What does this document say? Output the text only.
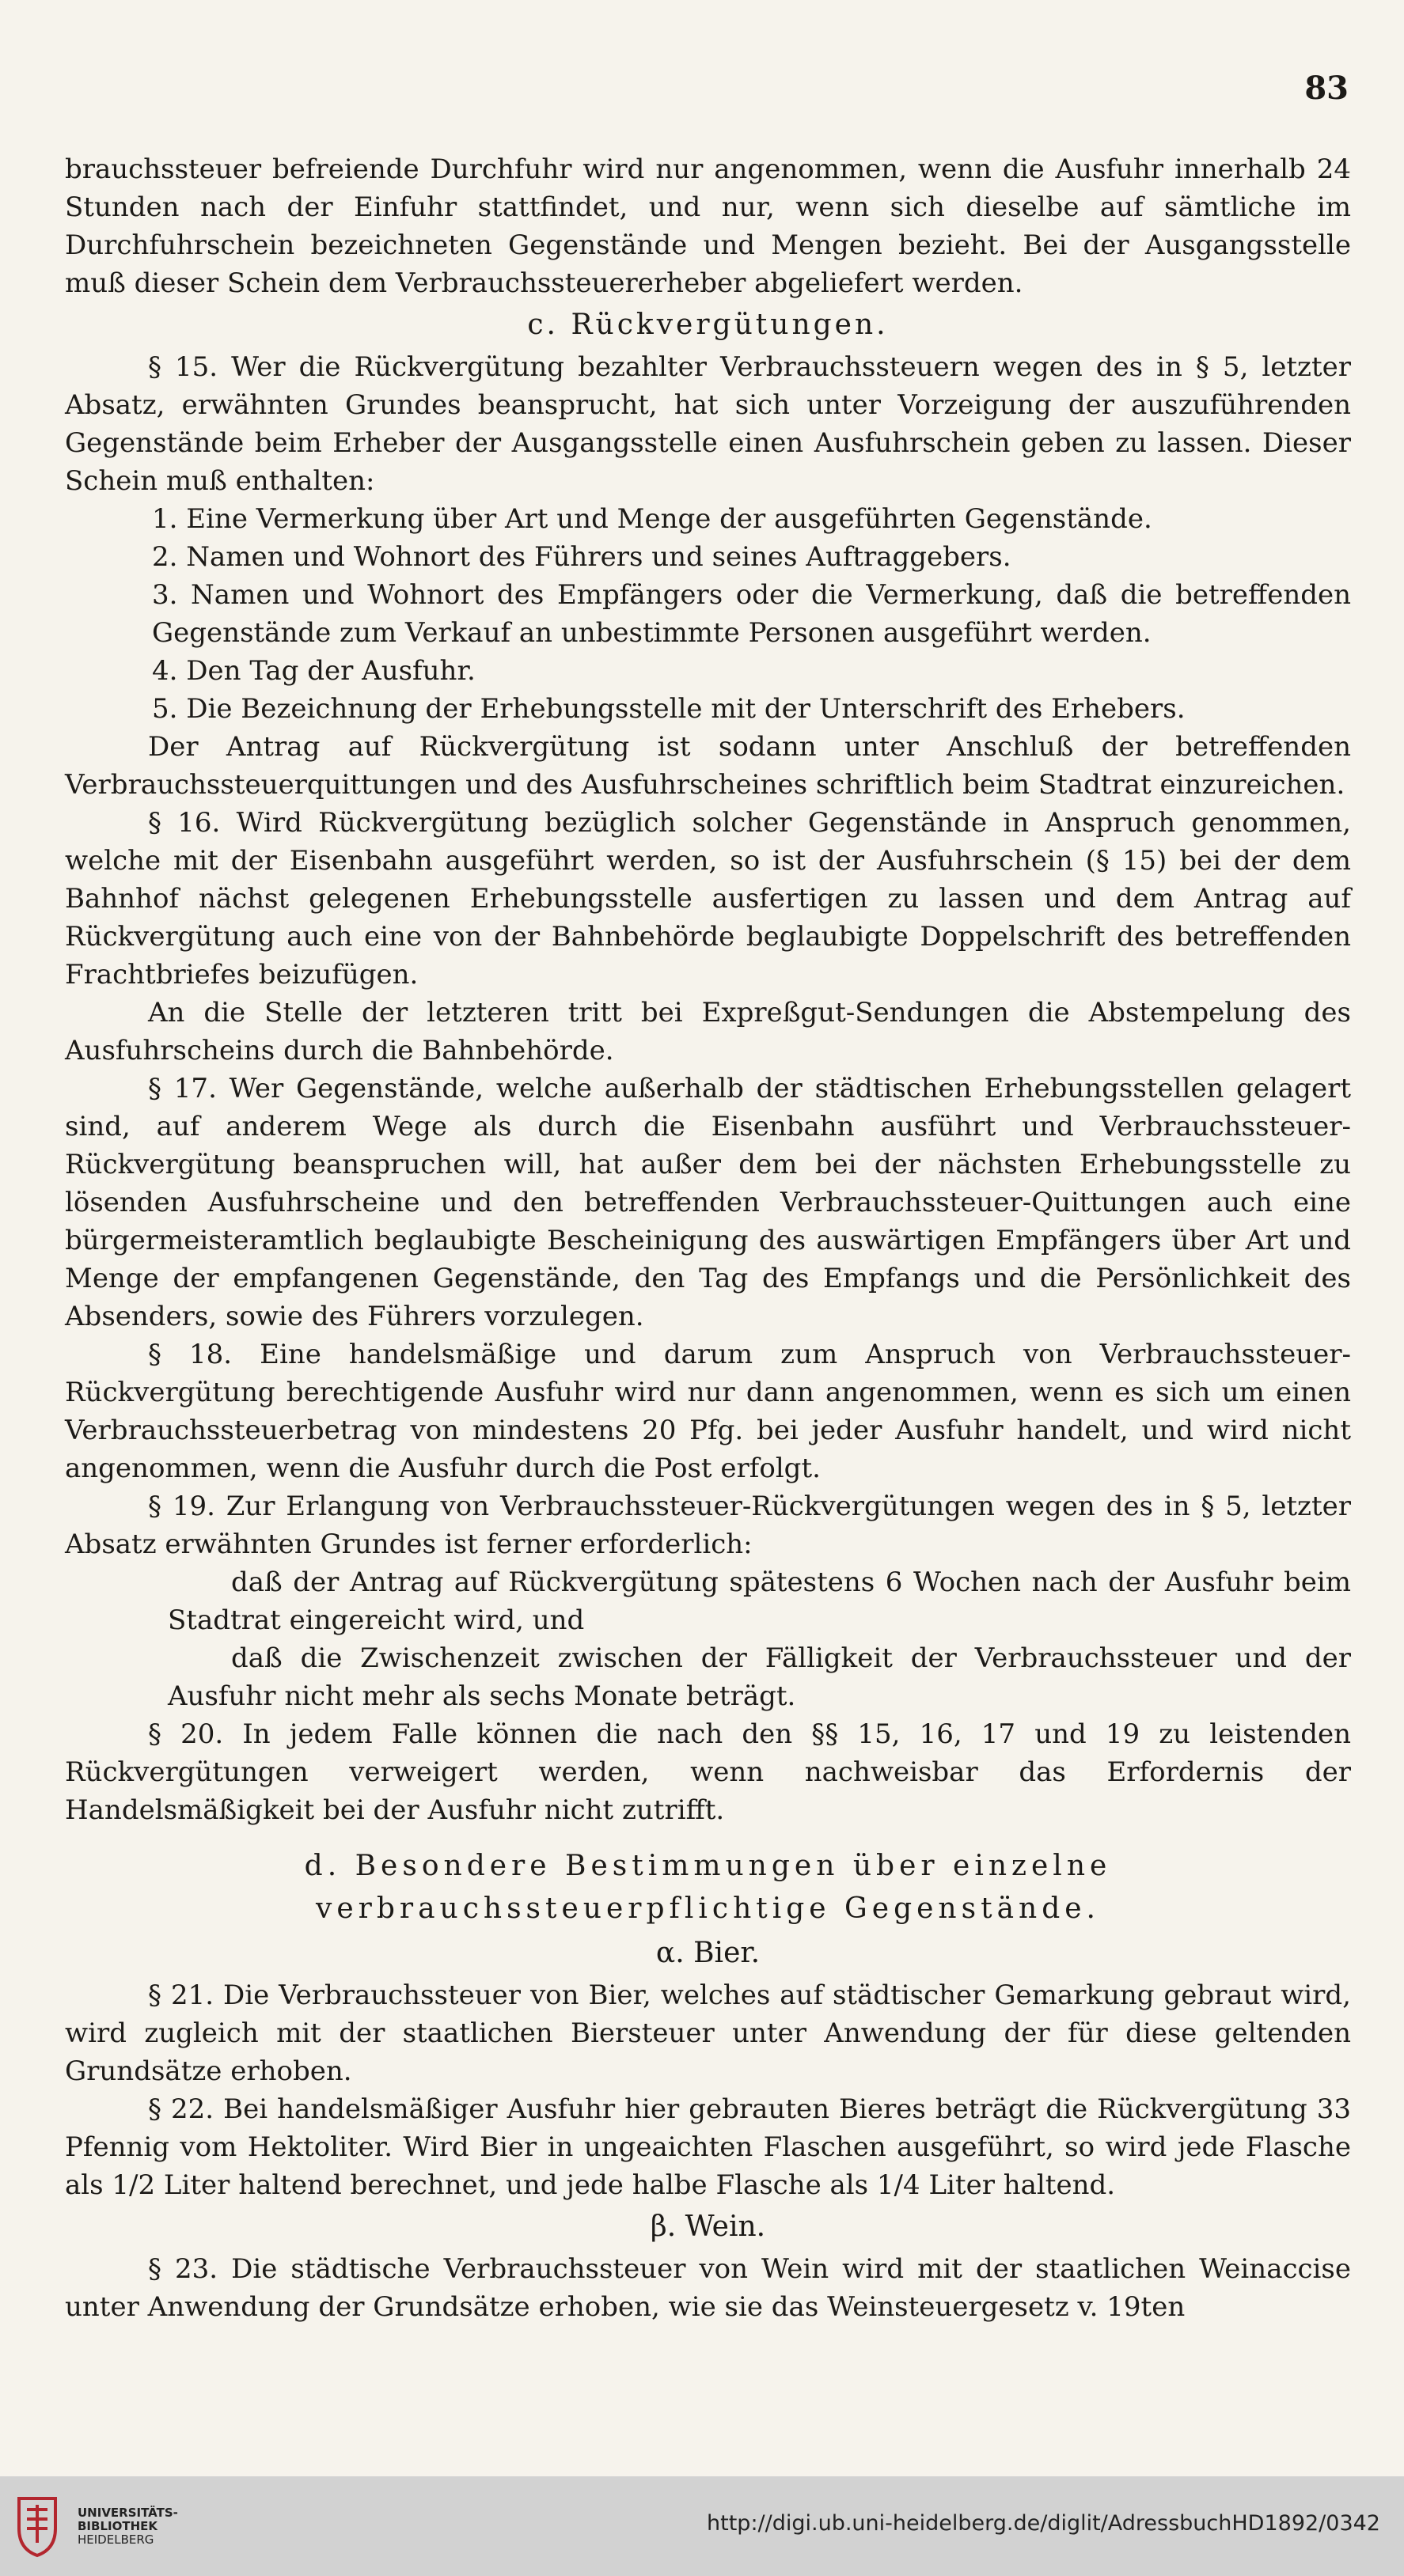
83

brauchssteuer befreiende Durchfuhr wird nur angenommen, wenn die Ausfuhr innerhalb 24 Stunden nach der Einfuhr stattfindet, und nur, wenn sich dieselbe auf sämtliche im Durchfuhrschein bezeichneten Gegenstände und Mengen bezieht. Bei der Ausgangsstelle muß dieser Schein dem Verbrauchssteuererheber abgeliefert werden.

c. Rückvergütungen.

§ 15. Wer die Rückvergütung bezahlter Verbrauchssteuern wegen des in § 5, letzter Absatz, erwähnten Grundes beansprucht, hat sich unter Vorzeigung der auszuführenden Gegenstände beim Erheber der Ausgangsstelle einen Ausfuhrschein geben zu lassen. Dieser Schein muß enthalten:

1. Eine Vermerkung über Art und Menge der ausgeführten Gegenstände.

2. Namen und Wohnort des Führers und seines Auftraggebers.

3. Namen und Wohnort des Empfängers oder die Vermerkung, daß die betreffenden Gegenstände zum Verkauf an unbestimmte Personen ausgeführt werden.

4. Den Tag der Ausfuhr.

5. Die Bezeichnung der Erhebungsstelle mit der Unterschrift des Erhebers.

Der Antrag auf Rückvergütung ist sodann unter Anschluß der betreffenden Verbrauchssteuerquittungen und des Ausfuhrscheines schriftlich beim Stadtrat einzureichen.

§ 16. Wird Rückvergütung bezüglich solcher Gegenstände in Anspruch genommen, welche mit der Eisenbahn ausgeführt werden, so ist der Ausfuhrschein (§ 15) bei der dem Bahnhof nächst gelegenen Erhebungsstelle ausfertigen zu lassen und dem Antrag auf Rückvergütung auch eine von der Bahnbehörde beglaubigte Doppelschrift des betreffenden Frachtbriefes beizufügen.

An die Stelle der letzteren tritt bei Expreßgut-Sendungen die Abstempelung des Ausfuhrscheins durch die Bahnbehörde.

§ 17. Wer Gegenstände, welche außerhalb der städtischen Erhebungsstellen gelagert sind, auf anderem Wege als durch die Eisenbahn ausführt und Verbrauchssteuer-Rückvergütung beanspruchen will, hat außer dem bei der nächsten Erhebungsstelle zu lösenden Ausfuhrscheine und den betreffenden Verbrauchssteuer-Quittungen auch eine bürgermeisteramtlich beglaubigte Bescheinigung des auswärtigen Empfängers über Art und Menge der empfangenen Gegenstände, den Tag des Empfangs und die Persönlichkeit des Absenders, sowie des Führers vorzulegen.

§ 18. Eine handelsmäßige und darum zum Anspruch von Verbrauchssteuer-Rückvergütung berechtigende Ausfuhr wird nur dann angenommen, wenn es sich um einen Verbrauchssteuerbetrag von mindestens 20 Pfg. bei jeder Ausfuhr handelt, und wird nicht angenommen, wenn die Ausfuhr durch die Post erfolgt.

§ 19. Zur Erlangung von Verbrauchssteuer-Rückvergütungen wegen des in § 5, letzter Absatz erwähnten Grundes ist ferner erforderlich:

daß der Antrag auf Rückvergütung spätestens 6 Wochen nach der Ausfuhr beim Stadtrat eingereicht wird, und

daß die Zwischenzeit zwischen der Fälligkeit der Verbrauchssteuer und der Ausfuhr nicht mehr als sechs Monate beträgt.

§ 20. In jedem Falle können die nach den §§ 15, 16, 17 und 19 zu leistenden Rückvergütungen verweigert werden, wenn nachweisbar das Erfordernis der Handelsmäßigkeit bei der Ausfuhr nicht zutrifft.

d. Besondere Bestimmungen über einzelne verbrauchssteuerpflichtige Gegenstände.
α. Bier.

§ 21. Die Verbrauchssteuer von Bier, welches auf städtischer Gemarkung gebraut wird, wird zugleich mit der staatlichen Biersteuer unter Anwendung der für diese geltenden Grundsätze erhoben.

§ 22. Bei handelsmäßiger Ausfuhr hier gebrauten Bieres beträgt die Rückvergütung 33 Pfennig vom Hektoliter. Wird Bier in ungeaichten Flaschen ausgeführt, so wird jede Flasche als 1/2 Liter haltend berechnet, und jede halbe Flasche als 1/4 Liter haltend.

β. Wein.

§ 23. Die städtische Verbrauchssteuer von Wein wird mit der staatlichen Weinaccise unter Anwendung der Grundsätze erhoben, wie sie das Weinsteuergesetz v. 19ten

UNIVERSITÄTS-
BIBLIOTHEK
HEIDELBERG

http://digi.ub.uni-heidelberg.de/diglit/AdressbuchHD1892/0342
